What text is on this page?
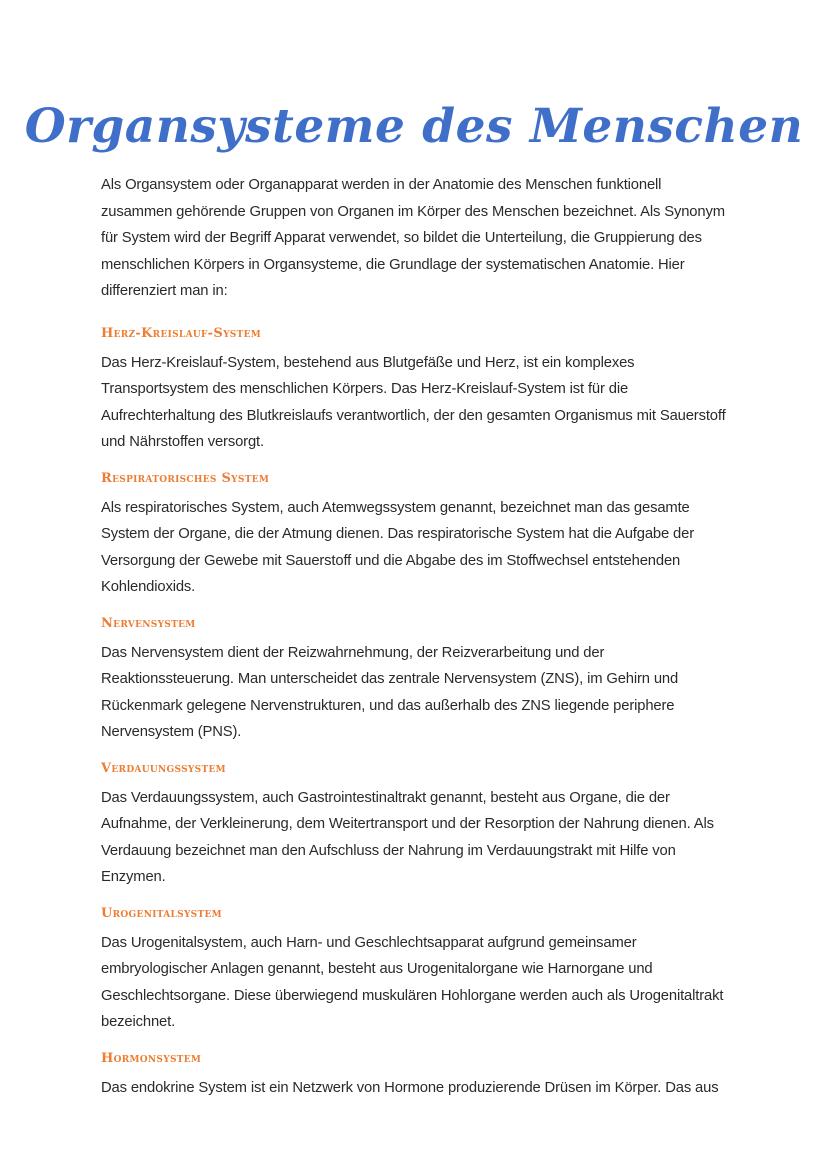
Organsysteme des Menschen

Als Organsystem oder Organapparat werden in der Anatomie des Menschen funktionell zusammen gehörende Gruppen von Organen im Körper des Menschen bezeichnet. Als Synonym für System wird der Begriff Apparat verwendet, so bildet die Unterteilung, die Gruppierung des menschlichen Körpers in Organsysteme, die Grundlage der systematischen Anatomie. Hier differenziert man in:

Herz-Kreislauf-System

Das Herz-Kreislauf-System, bestehend aus Blutgefäße und Herz, ist ein komplexes Transportsystem des menschlichen Körpers. Das Herz-Kreislauf-System ist für die Aufrechterhaltung des Blutkreislaufs verantwortlich, der den gesamten Organismus mit Sauerstoff und Nährstoffen versorgt.

Respiratorisches System

Als respiratorisches System, auch Atemwegssystem genannt, bezeichnet man das gesamte System der Organe, die der Atmung dienen. Das respiratorische System hat die Aufgabe der Versorgung der Gewebe mit Sauerstoff und die Abgabe des im Stoffwechsel entstehenden Kohlendioxids.

Nervensystem

Das Nervensystem dient der Reizwahrnehmung, der Reizverarbeitung und der Reaktionssteuerung. Man unterscheidet das zentrale Nervensystem (ZNS), im Gehirn und Rückenmark gelegene Nervenstrukturen, und das außerhalb des ZNS liegende periphere Nervensystem (PNS).

Verdauungssystem

Das Verdauungssystem, auch Gastrointestinaltrakt genannt, besteht aus Organe, die der Aufnahme, der Verkleinerung, dem Weitertransport und der Resorption der Nahrung dienen. Als Verdauung bezeichnet man den Aufschluss der Nahrung im Verdauungstrakt mit Hilfe von Enzymen.

Urogenitalsystem

Das Urogenitalsystem, auch Harn- und Geschlechtsapparat aufgrund gemeinsamer embryologischer Anlagen genannt, besteht aus Urogenitalorgane wie Harnorgane und Geschlechtsorgane. Diese überwiegend muskulären Hohlorgane werden auch als Urogenitaltrakt bezeichnet.

Hormonsystem

Das endokrine System ist ein Netzwerk von Hormone produzierende Drüsen im Körper. Das aus
